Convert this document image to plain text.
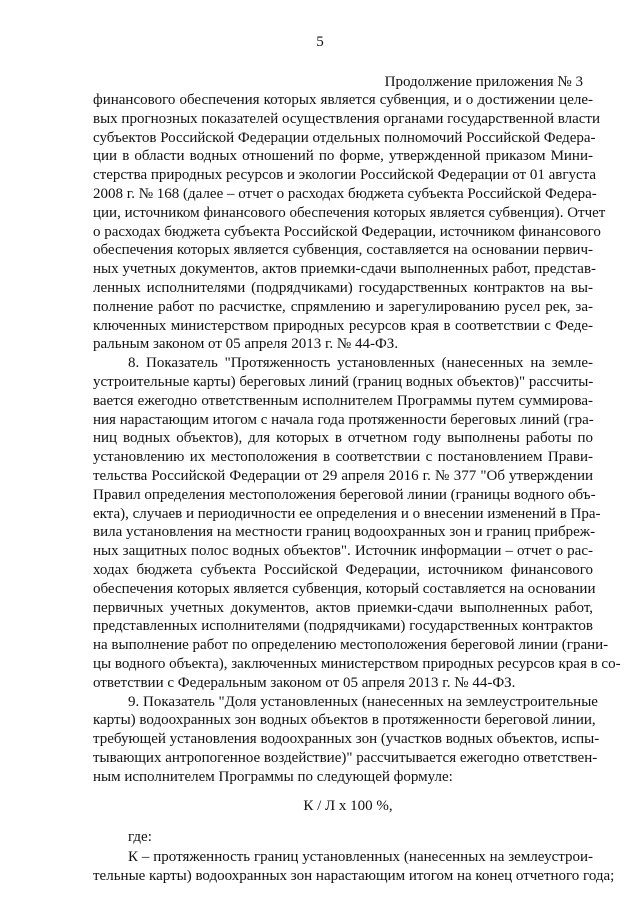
5
Продолжение приложения № 3
финансового обеспечения которых является субвенция, и о достижении целе-
вых прогнозных показателей осуществления органами государственной власти
субъектов Российской Федерации отдельных полномочий Российской Федера-
ции в области водных отношений по форме, утвержденной приказом Мини-
стерства природных ресурсов и экологии Российской Федерации от 01 августа
2008 г. № 168 (далее – отчет о расходах бюджета субъекта Российской Федера-
ции, источником финансового обеспечения которых является субвенция). Отчет
о расходах бюджета субъекта Российской Федерации, источником финансового
обеспечения которых является субвенция, составляется на основании первич-
ных учетных документов, актов приемки-сдачи выполненных работ, представ-
ленных исполнителями (подрядчиками) государственных контрактов на вы-
полнение работ по расчистке, спрямлению и зарегулированию русел рек, за-
ключенных министерством природных ресурсов края в соответствии с Феде-
ральным законом от 05 апреля 2013 г. № 44-ФЗ.
8. Показатель "Протяженность установленных (нанесенных на земле-
устроительные карты) береговых линий (границ водных объектов)" рассчиты-
вается ежегодно ответственным исполнителем Программы путем суммирова-
ния нарастающим итогом с начала года протяженности береговых линий (гра-
ниц водных объектов), для которых в отчетном году выполнены работы по
установлению их местоположения в соответствии с постановлением Прави-
тельства Российской Федерации от 29 апреля 2016 г. № 377 "Об утверждении
Правил определения местоположения береговой линии (границы водного объ-
екта), случаев и периодичности ее определения и о внесении изменений в Пра-
вила установления на местности границ водоохранных зон и границ прибреж-
ных защитных полос водных объектов". Источник информации – отчет о рас-
ходах бюджета субъекта Российской Федерации, источником финансового
обеспечения которых является субвенция, который составляется на основании
первичных учетных документов, актов приемки-сдачи выполненных работ,
представленных исполнителями (подрядчиками) государственных контрактов
на выполнение работ по определению местоположения береговой линии (грани-
цы водного объекта), заключенных министерством природных ресурсов края в со-
ответствии с Федеральным законом от 05 апреля 2013 г. № 44-ФЗ.
9. Показатель "Доля установленных (нанесенных на землеустроительные
карты) водоохранных зон водных объектов в протяженности береговой линии,
требующей установления водоохранных зон (участков водных объектов, испы-
тывающих антропогенное воздействие)" рассчитывается ежегодно ответствен-
ным исполнителем Программы по следующей формуле:
К / Л х 100 %,
где:
К – протяженность границ установленных (нанесенных на землеустрои-
тельные карты) водоохранных зон нарастающим итогом на конец отчетного года;
